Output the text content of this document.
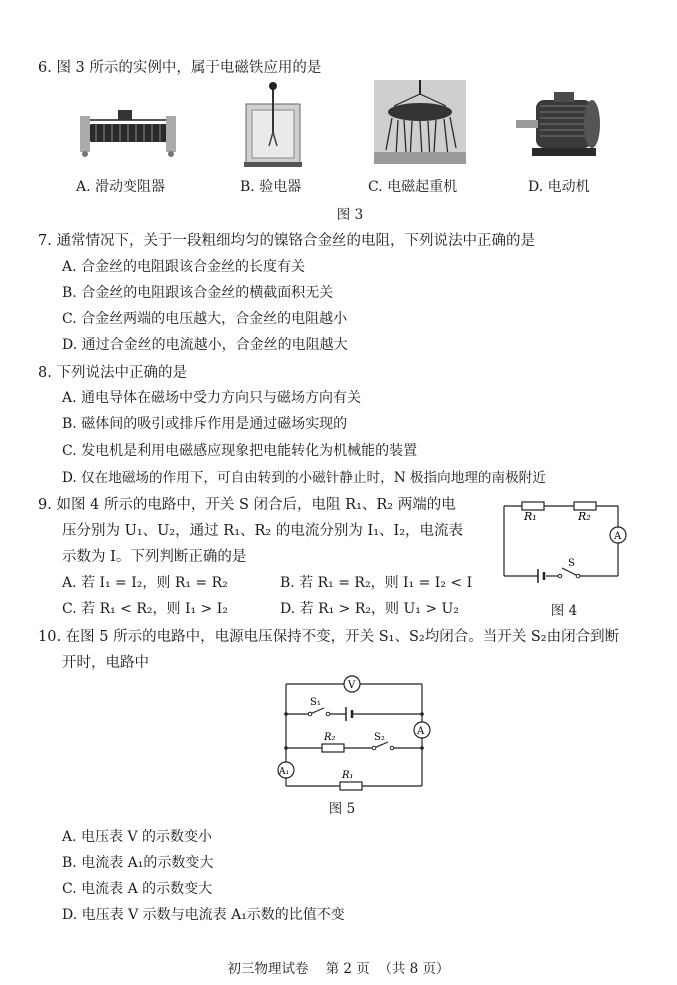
6. 图 3 所示的实例中，属于电磁铁应用的是
A. 滑动变阻器	B. 验电器	C. 电磁起重机	D. 电动机
图 3
7. 通常情况下，关于一段粗细均匀的镍铬合金丝的电阻，下列说法中正确的是
A. 合金丝的电阻跟该合金丝的长度有关
B. 合金丝的电阻跟该合金丝的横截面积无关
C. 合金丝两端的电压越大，合金丝的电阻越小
D. 通过合金丝的电流越小，合金丝的电阻越大
8. 下列说法中正确的是
A. 通电导体在磁场中受力方向只与磁场方向有关
B. 磁体间的吸引或排斥作用是通过磁场实现的
C. 发电机是利用电磁感应现象把电能转化为机械能的装置
D. 仅在地磁场的作用下，可自由转到的小磁针静止时，N 极指向地理的南极附近
9. 如图 4 所示的电路中，开关 S 闭合后，电阻 R₁、R₂ 两端的电
压分别为 U₁、U₂，通过 R₁、R₂ 的电流分别为 I₁、I₂，电流表
示数为 I。下列判断正确的是
A. 若 I₁ = I₂，则 R₁ = R₂	B. 若 R₁ = R₂，则 I₁ = I₂ < I
C. 若 R₁ < R₂，则 I₁ > I₂	D. 若 R₁ > R₂，则 U₁ > U₂
R₁	R₂
A
S
图 4
10. 在图 5 所示的电路中，电源电压保持不变，开关 S₁、S₂均闭合。当开关 S₂由闭合到断
开时，电路中
V
S₁
A
R₂	S₂
A₁	R₁
图 5
A. 电压表 V 的示数变小
B. 电流表 A₁的示数变大
C. 电流表 A 的示数变大
D. 电压表 V 示数与电流表 A₁示数的比值不变
初三物理试卷    第 2 页  （共 8 页）
